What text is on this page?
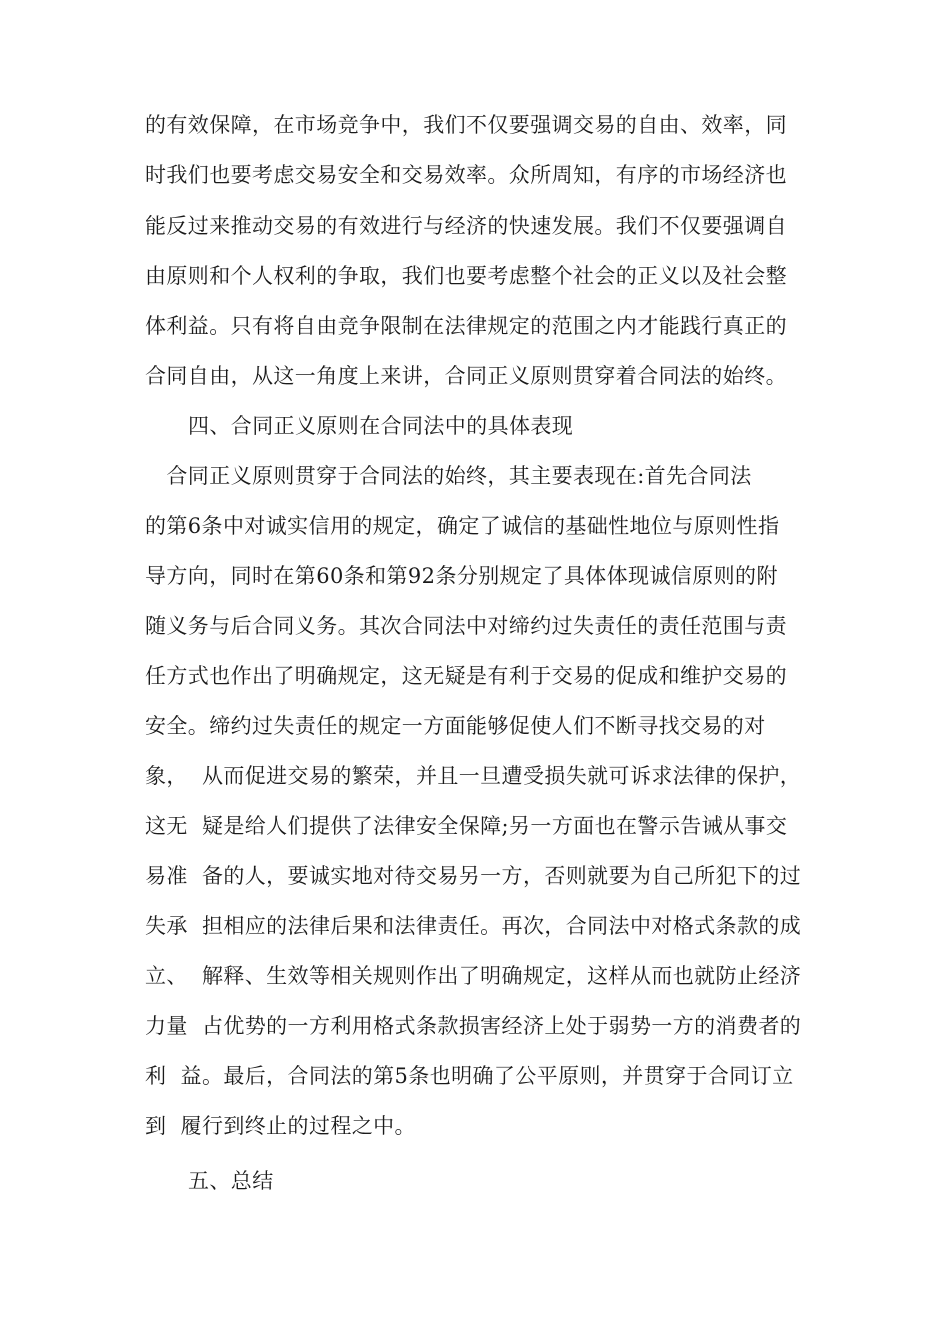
的有效保障，在市场竞争中，我们不仅要强调交易的自由、效率，同
时我们也要考虑交易安全和交易效率。众所周知，有序的市场经济也
能反过来推动交易的有效进行与经济的快速发展。我们不仅要强调自
由原则和个人权利的争取，我们也要考虑整个社会的正义以及社会整
体利益。只有将自由竞争限制在法律规定的范围之内才能践行真正的
合同自由，从这一角度上来讲，合同正义原则贯穿着合同法的始终。
四、合同正义原则在合同法中的具体表现
　合同正义原则贯穿于合同法的始终，其主要表现在:首先合同法
的第6条中对诚实信用的规定，确定了诚信的基础性地位与原则性指
导方向，同时在第60条和第92条分别规定了具体体现诚信原则的附
随义务与后合同义务。其次合同法中对缔约过失责任的责任范围与责
任方式也作出了明确规定，这无疑是有利于交易的促成和维护交易的
安全。缔约过失责任的规定一方面能够促使人们不断寻找交易的对
象，  从而促进交易的繁荣，并且一旦遭受损失就可诉求法律的保护，
这无  疑是给人们提供了法律安全保障;另一方面也在警示告诫从事交
易准  备的人，要诚实地对待交易另一方，否则就要为自己所犯下的过
失承  担相应的法律后果和法律责任。再次，合同法中对格式条款的成
立、  解释、生效等相关规则作出了明确规定，这样从而也就防止经济
力量  占优势的一方利用格式条款损害经济上处于弱势一方的消费者的
利  益。最后，合同法的第5条也明确了公平原则，并贯穿于合同订立
到  履行到终止的过程之中。
五、总结
